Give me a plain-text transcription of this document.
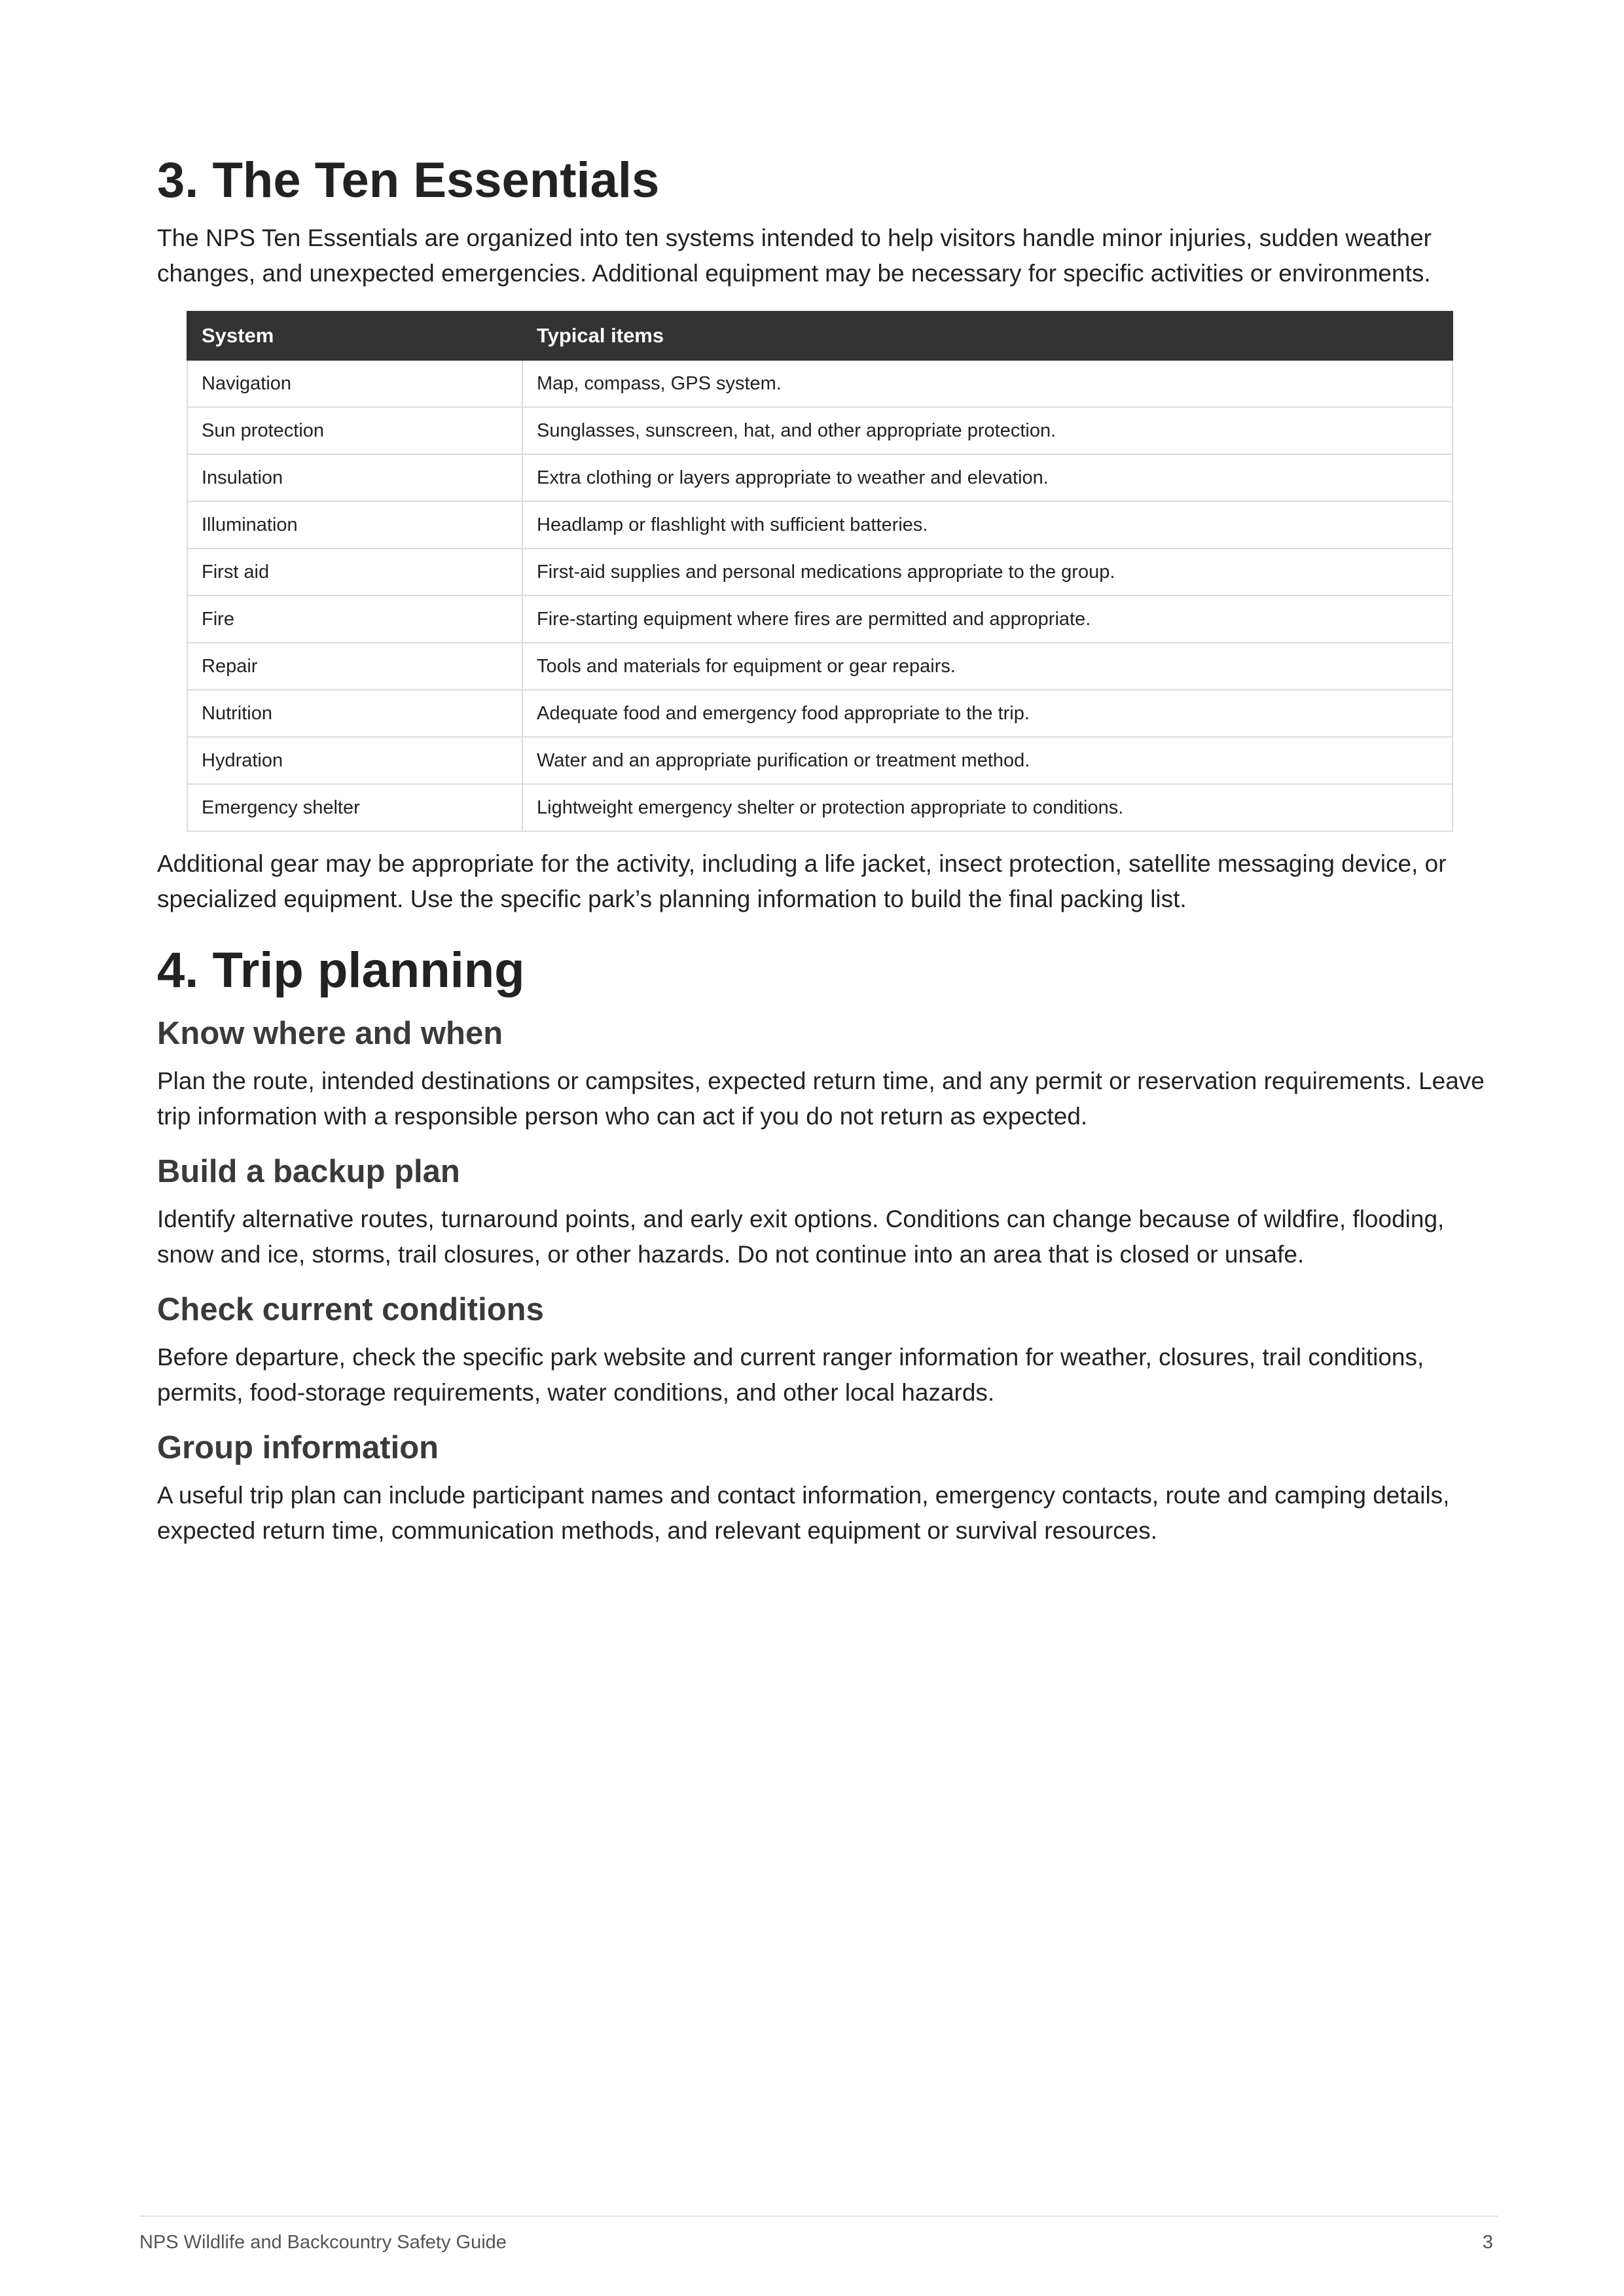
3. The Ten Essentials

The NPS Ten Essentials are organized into ten systems intended to help visitors handle minor injuries, sudden weather changes, and unexpected emergencies. Additional equipment may be necessary for specific activities or environments.

System	Typical items
Navigation	Map, compass, GPS system.
Sun protection	Sunglasses, sunscreen, hat, and other appropriate protection.
Insulation	Extra clothing or layers appropriate to weather and elevation.
Illumination	Headlamp or flashlight with sufficient batteries.
First aid	First-aid supplies and personal medications appropriate to the group.
Fire	Fire-starting equipment where fires are permitted and appropriate.
Repair	Tools and materials for equipment or gear repairs.
Nutrition	Adequate food and emergency food appropriate to the trip.
Hydration	Water and an appropriate purification or treatment method.
Emergency shelter	Lightweight emergency shelter or protection appropriate to conditions.

Additional gear may be appropriate for the activity, including a life jacket, insect protection, satellite messaging device, or specialized equipment. Use the specific park’s planning information to build the final packing list.

4. Trip planning
Know where and when

Plan the route, intended destinations or campsites, expected return time, and any permit or reservation requirements. Leave trip information with a responsible person who can act if you do not return as expected.

Build a backup plan

Identify alternative routes, turnaround points, and early exit options. Conditions can change because of wildfire, flooding, snow and ice, storms, trail closures, or other hazards. Do not continue into an area that is closed or unsafe.

Check current conditions

Before departure, check the specific park website and current ranger information for weather, closures, trail conditions, permits, food-storage requirements, water conditions, and other local hazards.

Group information

A useful trip plan can include participant names and contact information, emergency contacts, route and camping details, expected return time, communication methods, and relevant equipment or survival resources.

NPS Wildlife and Backcountry Safety Guide	3
